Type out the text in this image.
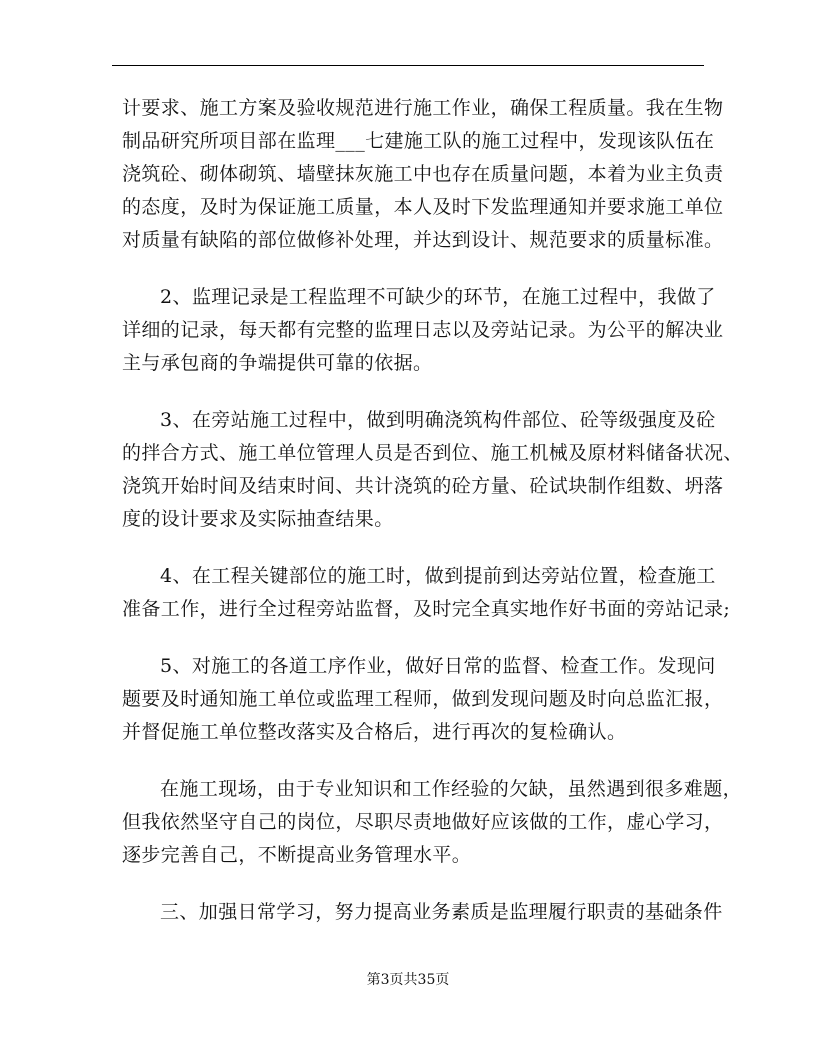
计要求、施工方案及验收规范进行施工作业，确保工程质量。我在生物
制品研究所项目部在监理___七建施工队的施工过程中，发现该队伍在
浇筑砼、砌体砌筑、墙壁抹灰施工中也存在质量问题，本着为业主负责
的态度，及时为保证施工质量，本人及时下发监理通知并要求施工单位
对质量有缺陷的部位做修补处理，并达到设计、规范要求的质量标准。

2、监理记录是工程监理不可缺少的环节，在施工过程中，我做了
详细的记录，每天都有完整的监理日志以及旁站记录。为公平的解决业
主与承包商的争端提供可靠的依据。

3、在旁站施工过程中，做到明确浇筑构件部位、砼等级强度及砼
的拌合方式、施工单位管理人员是否到位、施工机械及原材料储备状况、
浇筑开始时间及结束时间、共计浇筑的砼方量、砼试块制作组数、坍落
度的设计要求及实际抽查结果。

4、在工程关键部位的施工时，做到提前到达旁站位置，检查施工
准备工作，进行全过程旁站监督，及时完全真实地作好书面的旁站记录;

5、对施工的各道工序作业，做好日常的监督、检查工作。发现问
题要及时通知施工单位或监理工程师，做到发现问题及时向总监汇报，
并督促施工单位整改落实及合格后，进行再次的复检确认。

在施工现场，由于专业知识和工作经验的欠缺，虽然遇到很多难题，
但我依然坚守自己的岗位，尽职尽责地做好应该做的工作，虚心学习，
逐步完善自己，不断提高业务管理水平。

三、加强日常学习，努力提高业务素质是监理履行职责的基础条件

第3页共35页
